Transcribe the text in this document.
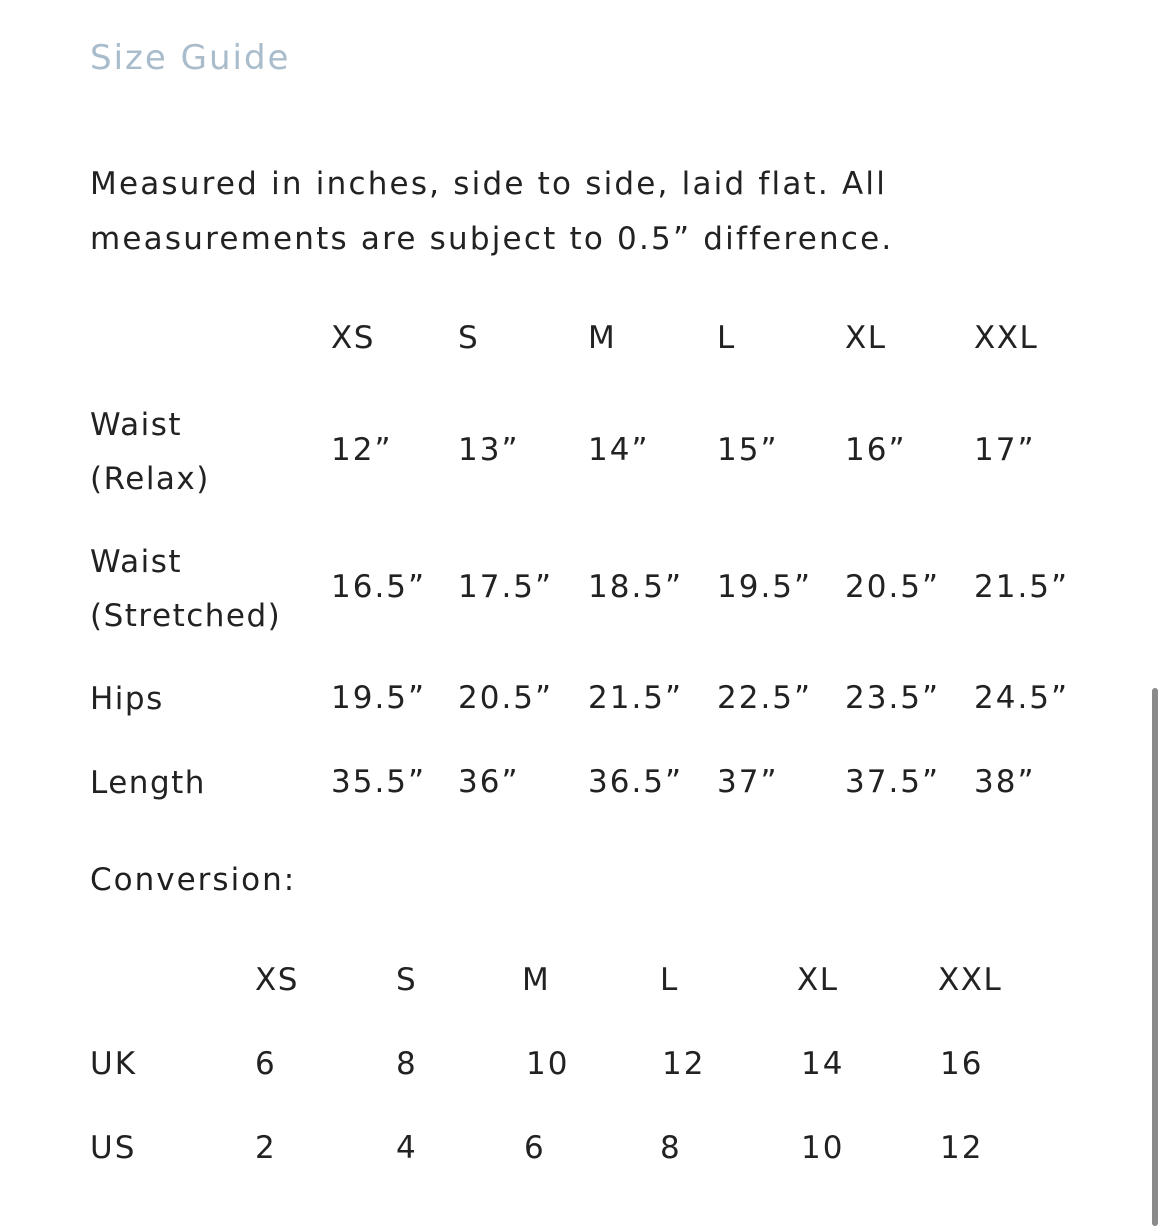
Size Guide
Measured in inches, side to side, laid flat. All
measurements are subject to 0.5” difference.
XS	S	M	L	XL	XXL
Waist
(Relax)
12” 13” 14” 15” 16” 17”
Waist
(Stretched)
16.5” 17.5” 18.5” 19.5” 20.5” 21.5”
Hips	19.5” 20.5” 21.5” 22.5” 23.5” 24.5”
Length	35.5” 36” 36.5” 37” 37.5” 38”
Conversion:
XS	S	M	L	XL	XXL
UK	6	8	10	12	14	16
US	2	4	6	8	10	12
